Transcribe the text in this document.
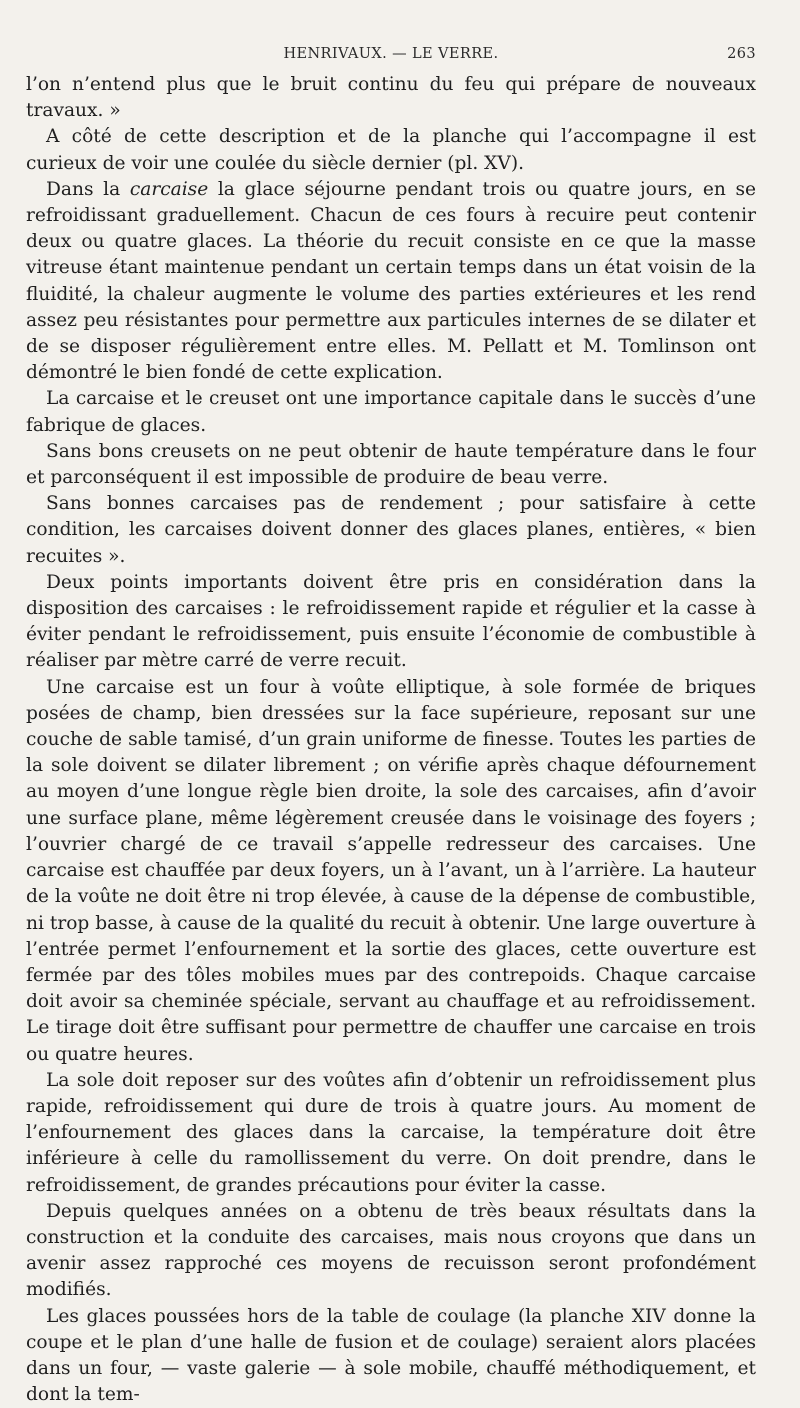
HENRIVAUX. — LE VERRE.	263

l’on n’entend plus que le bruit continu du feu qui prépare de nouveaux travaux. »

A côté de cette description et de la planche qui l’accompagne il est curieux de voir une coulée du siècle dernier (pl. XV).

Dans la carcaise la glace séjourne pendant trois ou quatre jours, en se refroidissant graduellement. Chacun de ces fours à recuire peut contenir deux ou quatre glaces. La théorie du recuit consiste en ce que la masse vitreuse étant maintenue pendant un certain temps dans un état voisin de la fluidité, la chaleur augmente le volume des parties extérieures et les rend assez peu résistantes pour permettre aux particules internes de se dilater et de se disposer régulièrement entre elles. M. Pellatt et M. Tomlinson ont démontré le bien fondé de cette explication.

La carcaise et le creuset ont une importance capitale dans le succès d’une fabrique de glaces.

Sans bons creusets on ne peut obtenir de haute température dans le four et parconséquent il est impossible de produire de beau verre.

Sans bonnes carcaises pas de rendement ; pour satisfaire à cette condition, les carcaises doivent donner des glaces planes, entières, « bien recuites ».

Deux points importants doivent être pris en considération dans la disposition des carcaises : le refroidissement rapide et régulier et la casse à éviter pendant le refroidissement, puis ensuite l’économie de combustible à réaliser par mètre carré de verre recuit.

Une carcaise est un four à voûte elliptique, à sole formée de briques posées de champ, bien dressées sur la face supérieure, reposant sur une couche de sable tamisé, d’un grain uniforme de finesse. Toutes les parties de la sole doivent se dilater librement ; on vérifie après chaque défournement au moyen d’une longue règle bien droite, la sole des carcaises, afin d’avoir une surface plane, même légèrement creusée dans le voisinage des foyers ; l’ouvrier chargé de ce travail s’appelle redresseur des carcaises. Une carcaise est chauffée par deux foyers, un à l’avant, un à l’arrière. La hauteur de la voûte ne doit être ni trop élevée, à cause de la dépense de combustible, ni trop basse, à cause de la qualité du recuit à obtenir. Une large ouverture à l’entrée permet l’enfournement et la sortie des glaces, cette ouverture est fermée par des tôles mobiles mues par des contrepoids. Chaque carcaise doit avoir sa cheminée spéciale, servant au chauffage et au refroidissement. Le tirage doit être suffisant pour permettre de chauffer une carcaise en trois ou quatre heures.

La sole doit reposer sur des voûtes afin d’obtenir un refroidissement plus rapide, refroidissement qui dure de trois à quatre jours. Au moment de l’enfournement des glaces dans la carcaise, la température doit être inférieure à celle du ramollissement du verre. On doit prendre, dans le refroidissement, de grandes précautions pour éviter la casse.

Depuis quelques années on a obtenu de très beaux résultats dans la construction et la conduite des carcaises, mais nous croyons que dans un avenir assez rapproché ces moyens de recuisson seront profondément modifiés.

Les glaces poussées hors de la table de coulage (la planche XIV donne la coupe et le plan d’une halle de fusion et de coulage) seraient alors placées dans un four, — vaste galerie — à sole mobile, chauffé méthodiquement, et dont la tem-
